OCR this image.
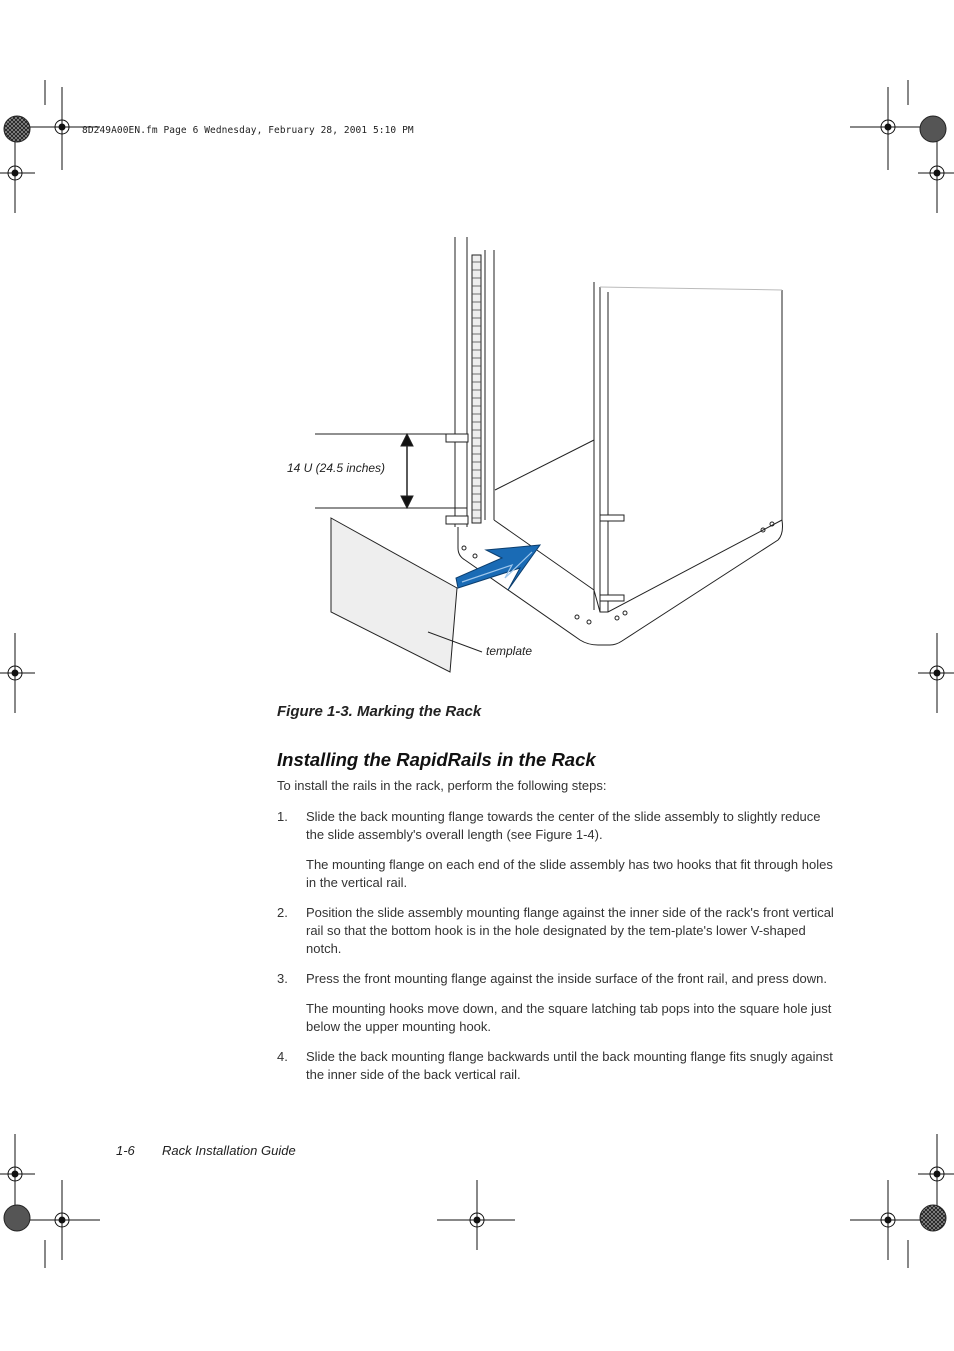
8D249A00EN.fm Page 6 Wednesday, February 28, 2001 5:10 PM
14 U (24.5 inches)
template
Figure 1-3. Marking the Rack
Installing the RapidRails in the Rack
To install the rails in the rack, perform the following steps:
1.	Slide the back mounting flange towards the center of the slide assembly to slightly reduce the slide assembly's overall length (see Figure 1-4).

The mounting flange on each end of the slide assembly has two hooks that fit through holes in the vertical rail.

2.	Position the slide assembly mounting flange against the inner side of the rack's front vertical rail so that the bottom hook is in the hole designated by the tem-plate's lower V-shaped notch.

3.	Press the front mounting flange against the inside surface of the front rail, and press down.

The mounting hooks move down, and the square latching tab pops into the square hole just below the upper mounting hook.

4.	Slide the back mounting flange backwards until the back mounting flange fits snugly against the inner side of the back vertical rail.

1-6 Rack Installation Guide
